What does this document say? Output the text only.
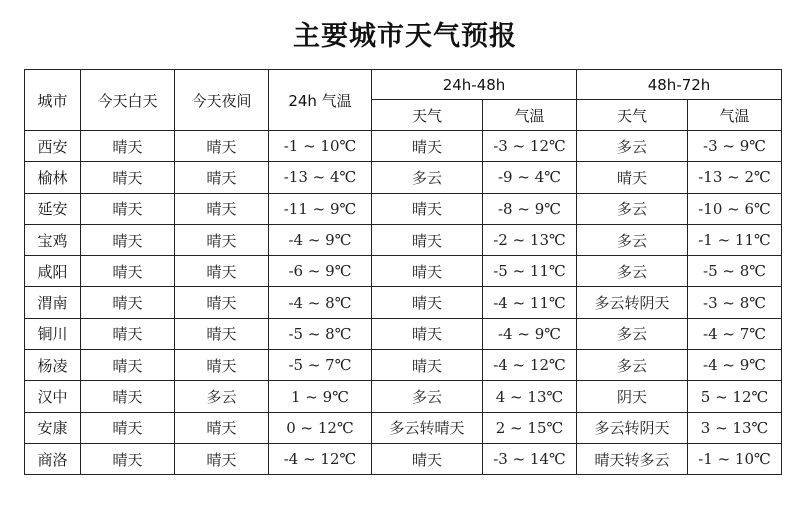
主要城市天气预报
城市	今天白天	今天夜间	24h 气温	24h-48h		48h-72h	
				天气	气温	天气	气温
西安	晴天	晴天	-1 ~ 10℃	晴天	-3 ~ 12℃	多云	-3 ~ 9℃
榆林	晴天	晴天	-13 ~ 4℃	多云	-9 ~ 4℃	晴天	-13 ~ 2℃
延安	晴天	晴天	-11 ~ 9℃	晴天	-8 ~ 9℃	多云	-10 ~ 6℃
宝鸡	晴天	晴天	-4 ~ 9℃	晴天	-2 ~ 13℃	多云	-1 ~ 11℃
咸阳	晴天	晴天	-6 ~ 9℃	晴天	-5 ~ 11℃	多云	-5 ~ 8℃
渭南	晴天	晴天	-4 ~ 8℃	晴天	-4 ~ 11℃	多云转阴天	-3 ~ 8℃
铜川	晴天	晴天	-5 ~ 8℃	晴天	-4 ~ 9℃	多云	-4 ~ 7℃
杨凌	晴天	晴天	-5 ~ 7℃	晴天	-4 ~ 12℃	多云	-4 ~ 9℃
汉中	晴天	多云	1 ~ 9℃	多云	4 ~ 13℃	阴天	5 ~ 12℃
安康	晴天	晴天	0 ~ 12℃	多云转晴天	2 ~ 15℃	多云转阴天	3 ~ 13℃
商洛	晴天	晴天	-4 ~ 12℃	晴天	-3 ~ 14℃	晴天转多云	-1 ~ 10℃
